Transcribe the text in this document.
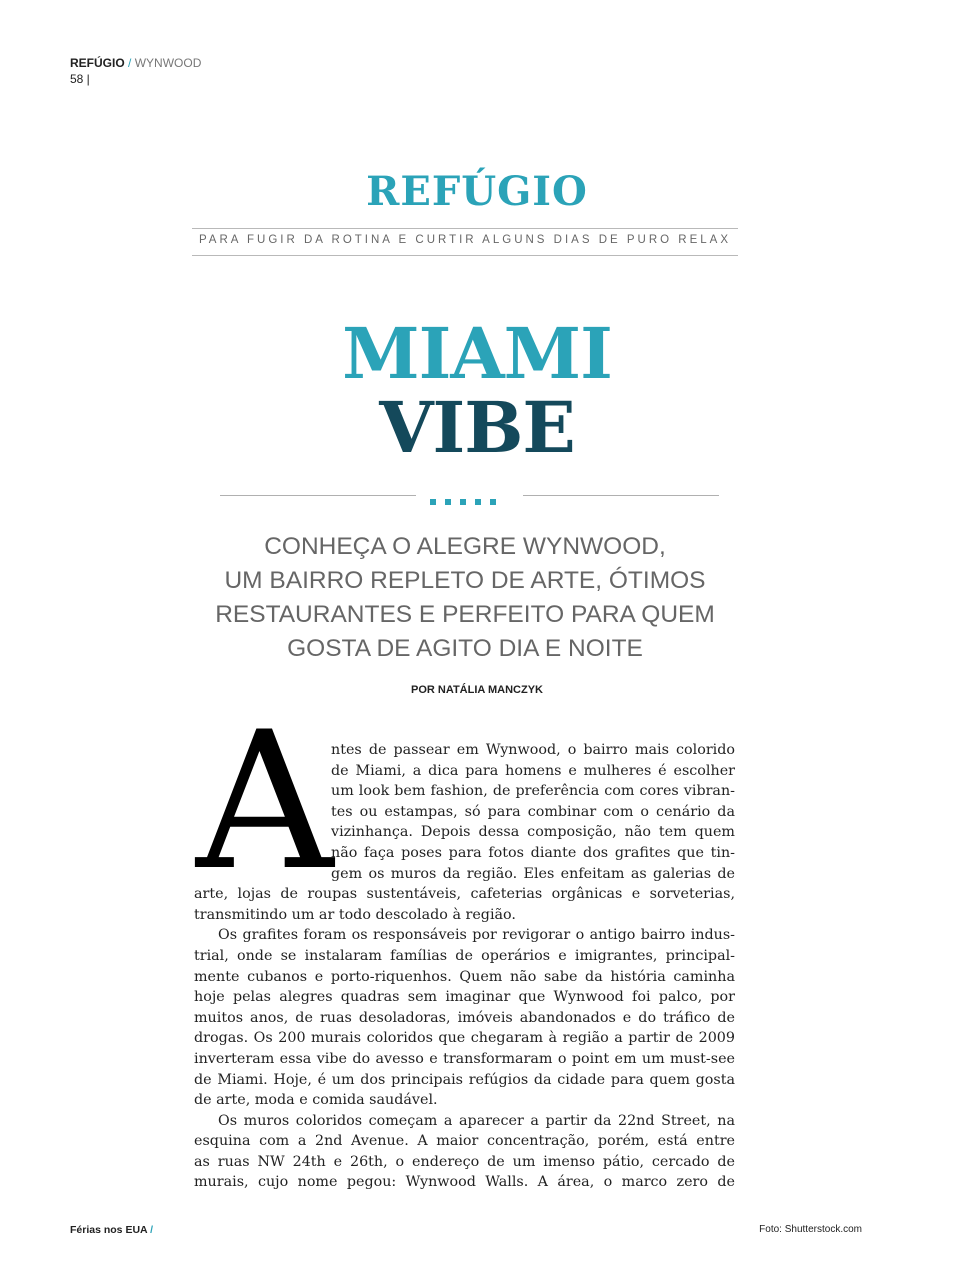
REFÚGIO / WYNWOOD
58 |
REFÚGIO
PARA FUGIR DA ROTINA E CURTIR ALGUNS DIAS DE PURO RELAX
MIAMI
VIBE
CONHEÇA O ALEGRE WYNWOOD,
UM BAIRRO REPLETO DE ARTE, ÓTIMOS
RESTAURANTES E PERFEITO PARA QUEM
GOSTA DE AGITO DIA E NOITE
POR NATÁLIA MANCZYK
A
ntes de passear em Wynwood, o bairro mais colorido
de Miami, a dica para homens e mulheres é escolher
um look bem fashion, de preferência com cores vibran-
tes ou estampas, só para combinar com o cenário da
vizinhança. Depois dessa composição, não tem quem
não faça poses para fotos diante dos grafites que tin-
gem os muros da região. Eles enfeitam as galerias de
arte, lojas de roupas sustentáveis, cafeterias orgânicas e sorveterias,
transmitindo um ar todo descolado à região.
Os grafites foram os responsáveis por revigorar o antigo bairro indus-
trial, onde se instalaram famílias de operários e imigrantes, principal-
mente cubanos e porto-riquenhos. Quem não sabe da história caminha
hoje pelas alegres quadras sem imaginar que Wynwood foi palco, por
muitos anos, de ruas desoladoras, imóveis abandonados e do tráfico de
drogas. Os 200 murais coloridos que chegaram à região a partir de 2009
inverteram essa vibe do avesso e transformaram o point em um must-see
de Miami. Hoje, é um dos principais refúgios da cidade para quem gosta
de arte, moda e comida saudável.
Os muros coloridos começam a aparecer a partir da 22nd Street, na
esquina com a 2nd Avenue. A maior concentração, porém, está entre
as ruas NW 24th e 26th, o endereço de um imenso pátio, cercado de
murais, cujo nome pegou: Wynwood Walls. A área, o marco zero de
Férias nos EUA /	Foto: Shutterstock.com
